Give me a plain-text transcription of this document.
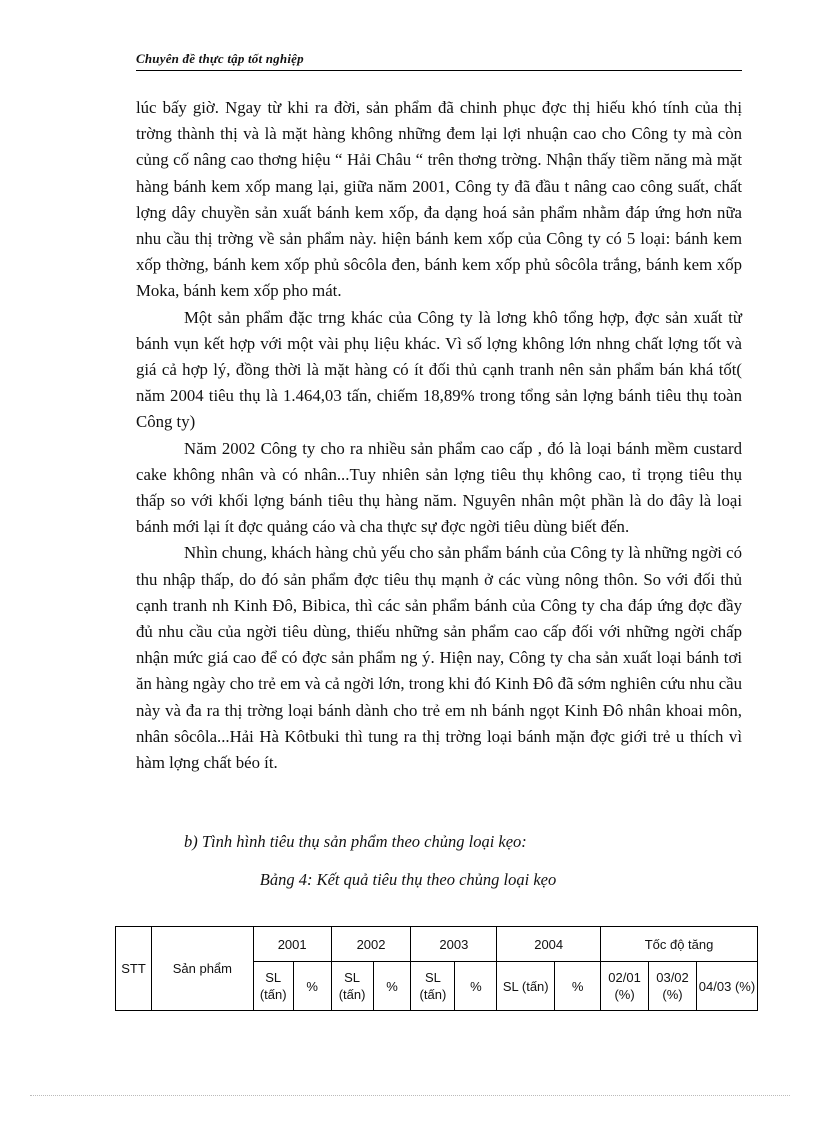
Chuyên đề thực tập tốt nghiệp

lúc bấy giờ. Ngay từ khi ra đời, sản phẩm đã chinh phục đợc thị hiếu khó tính của thị trờng thành thị và là mặt hàng không những đem lại lợi nhuận cao cho Công ty mà còn củng cố nâng cao thơng hiệu “ Hải Châu “ trên thơng trờng. Nhận thấy tiềm năng mà mặt hàng bánh kem xốp mang lại, giữa năm 2001, Công ty đã đầu t nâng cao công suất, chất lợng dây chuyền sản xuất bánh kem xốp, đa dạng hoá sản phẩm nhằm đáp ứng hơn nữa nhu cầu thị trờng về sản phẩm này. hiện bánh kem xốp của Công ty có 5 loại: bánh kem xốp thờng, bánh kem xốp phủ sôcôla đen, bánh kem xốp phủ sôcôla trắng, bánh kem xốp Moka, bánh kem xốp pho mát.

Một sản phẩm đặc trng khác của Công ty là lơng khô tổng hợp, đợc sản xuất từ bánh vụn kết hợp với một vài phụ liệu khác. Vì số lợng không lớn nhng chất lợng tốt và giá cả hợp lý, đồng thời là mặt hàng có ít đối thủ cạnh tranh nên sản phẩm bán khá tốt( năm 2004 tiêu thụ là 1.464,03 tấn, chiếm 18,89% trong tổng sản lợng bánh tiêu thụ toàn Công ty)

Năm 2002 Công ty cho ra nhiều sản phẩm cao cấp , đó là loại bánh mềm custard cake không nhân và có nhân...Tuy nhiên sản lợng tiêu thụ không cao, tỉ trọng tiêu thụ thấp so với khối lợng bánh tiêu thụ hàng năm. Nguyên nhân một phần là do đây là loại bánh mới lại ít đợc quảng cáo và cha thực sự đợc ngời tiêu dùng biết đến.

Nhìn chung, khách hàng chủ yếu cho sản phẩm bánh của Công ty là những ngời có thu nhập thấp, do đó sản phẩm đợc tiêu thụ mạnh ở các vùng nông thôn. So với đối thủ cạnh tranh nh Kinh Đô, Bibica, thì các sản phẩm bánh của Công ty cha đáp ứng đợc đầy đủ nhu cầu của ngời tiêu dùng, thiếu những sản phẩm cao cấp đối với những ngời chấp nhận mức giá cao để có đợc sản phẩm ng ý. Hiện nay, Công ty cha sản xuất loại bánh tơi ăn hàng ngày cho trẻ em và cả ngời lớn, trong khi đó Kinh Đô đã sớm nghiên cứu nhu cầu này và đa ra thị trờng loại bánh dành cho trẻ em nh bánh ngọt Kinh Đô nhân khoai môn, nhân sôcôla...Hải Hà Kôtbuki thì tung ra thị trờng loại bánh mặn đợc giới trẻ u thích vì hàm lợng chất béo ít.

b) Tình hình tiêu thụ sản phẩm theo chủng loại kẹo:
Bảng 4: Kết quả tiêu thụ theo chủng loại kẹo
STT	Sản phẩm	2001		2002		2003		2004		Tốc độ tăng		
		SL (tấn)	%	SL (tấn)	%	SL (tấn)	%	SL (tấn)	%	02/01 (%)	03/02 (%)	04/03 (%)
